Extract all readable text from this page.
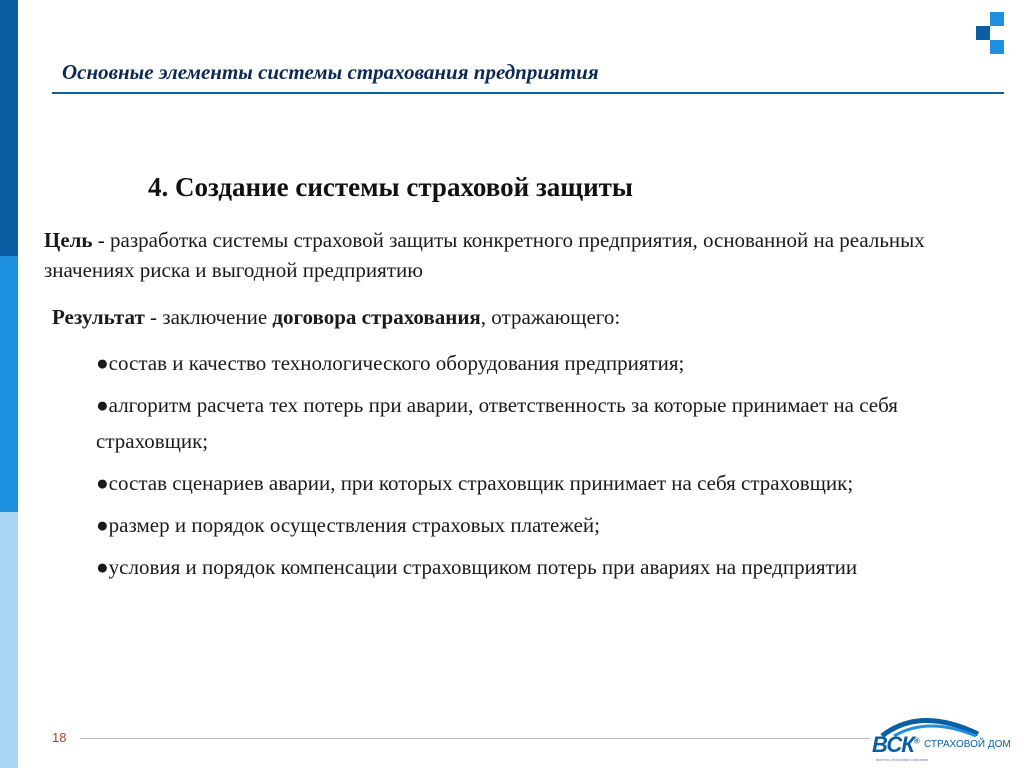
Основные элементы системы страхования предприятия
4. Создание системы страховой защиты
Цель - разработка системы страховой защиты конкретного предприятия, основанной на реальных значениях риска и выгодной предприятию
Результат - заключение договора страхования, отражающего:
●состав и качество технологического оборудования предприятия;
●алгоритм расчета тех потерь при аварии, ответственность за которые принимает на себя страховщик;
●состав сценариев аварии, при которых страховщик принимает на себя страховщик;
●размер и порядок осуществления страховых платежей;
●условия и порядок компенсации страховщиком потерь при авариях на предприятии
18	ВСК® СТРАХОВОЙ ДОМ
военно-страховая компания
